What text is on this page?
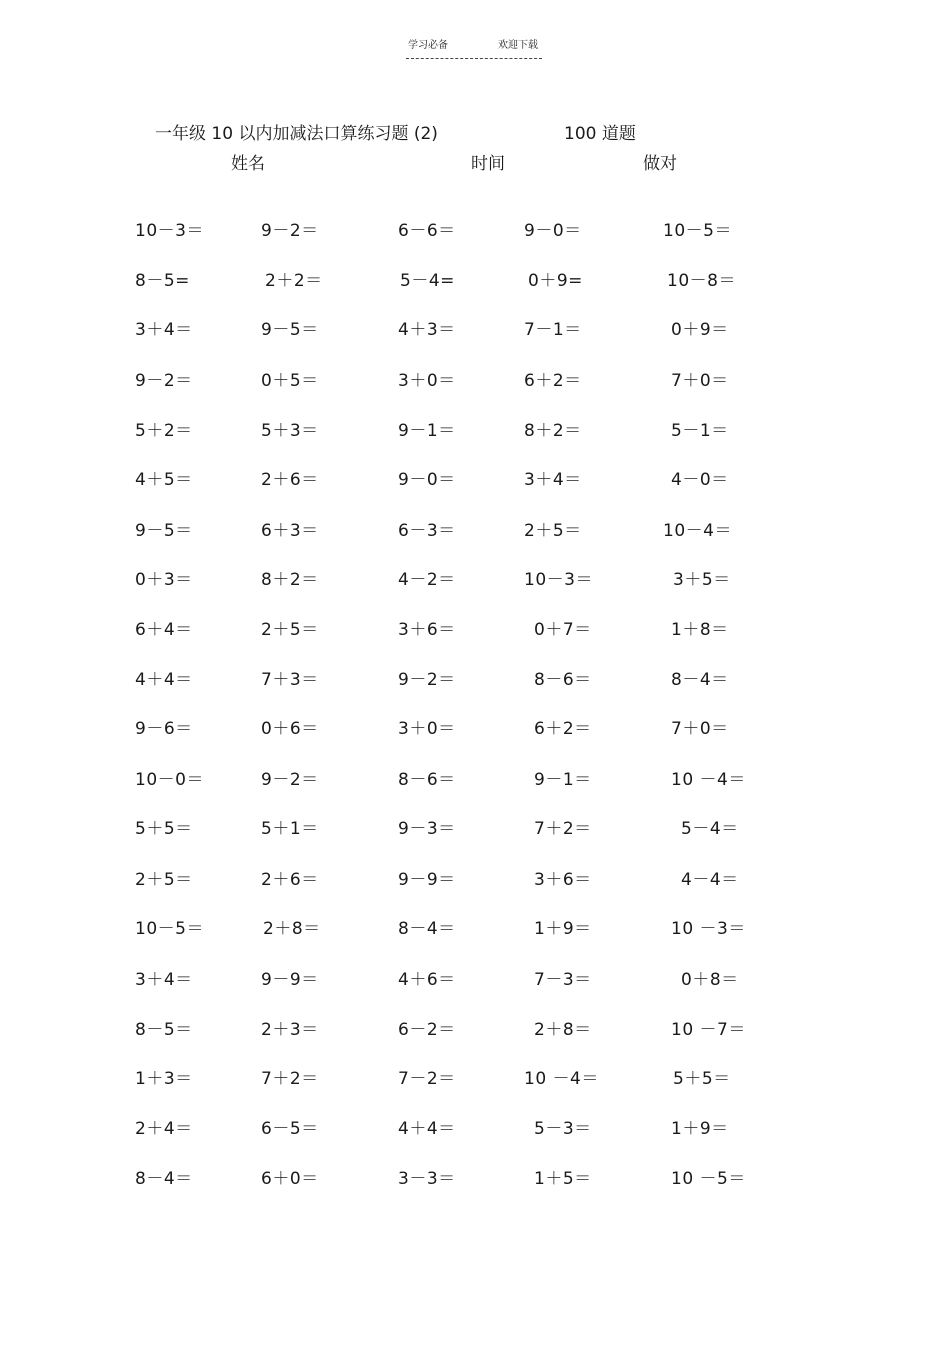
学习必备	欢迎下载
一年级 10 以内加减法口算练习题 (2)	100 道题
姓名	时间	做对
10－3＝	9－2＝	6－6＝	9－0＝	10－5＝
8－5=	2＋2＝	5－4=	0＋9=	10－8＝
3＋4＝	9－5＝	4＋3＝	7－1＝	0＋9＝
9－2＝	0＋5＝	3＋0＝	6＋2＝	7＋0＝
5＋2＝	5＋3＝	9－1＝	8＋2＝	5－1＝
4＋5＝	2＋6＝	9－0＝	3＋4＝	4－0＝
9－5＝	6＋3＝	6－3＝	2＋5＝	10－4＝
0＋3＝	8＋2＝	4－2＝	10－3＝	3＋5＝
6＋4＝	2＋5＝	3＋6＝	0＋7＝	1＋8＝
4＋4＝	7＋3＝	9－2＝	8－6＝	8－4＝
9－6＝	0＋6＝	3＋0＝	6＋2＝	7＋0＝
10－0＝	9－2＝	8－6＝	9－1＝	10 －4＝
5＋5＝	5＋1＝	9－3＝	7＋2＝	5－4＝
2＋5＝	2＋6＝	9－9＝	3＋6＝	4－4＝
10－5＝	2＋8＝	8－4＝	1＋9＝	10 －3＝
3＋4＝	9－9＝	4＋6＝	7－3＝	0＋8＝
8－5＝	2＋3＝	6－2＝	2＋8＝	10 －7＝
1＋3＝	7＋2＝	7－2＝	10 －4＝	5＋5＝
2＋4＝	6－5＝	4＋4＝	5－3＝	1＋9＝
8－4＝	6＋0＝	3－3＝	1＋5＝	10 －5＝
